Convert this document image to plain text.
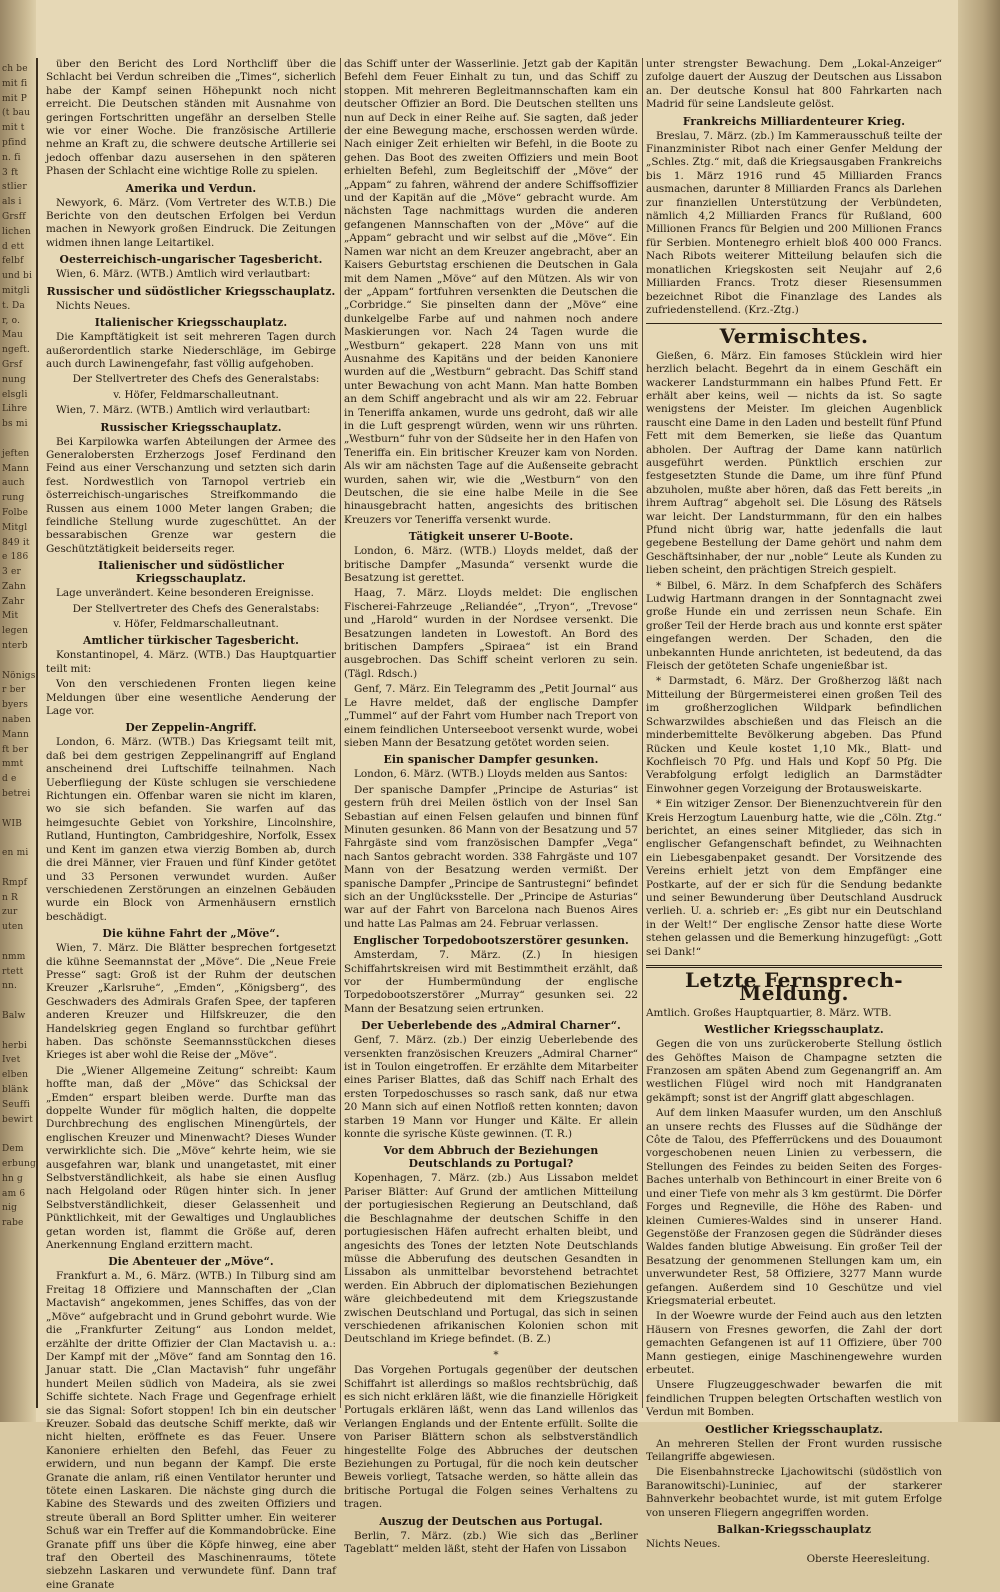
ch be
mit fi
mit P
(t bau
mit t
pfind
n. fi
3 ft
stlier
als i
Grsff
lichen
d ett
felbf
und bi
mitgli
t. Da
r, o.
Mau
ngeft.
Grsf
nung
elsgli
Lihre
bs mi

jeften
Mann
auch
rung
Folbe
Mitgl
849 it
e 186
3 er
Zahn
Zahr
Mit
legen
nterb

Nönigs
r ber
byers
naben
Mann
ft ber
mmt
d e
betrei

WIB

en mi

Rmpf
n R
zur
uten

nmm
rtett
nn.

Balw

herbi
Ivet
elben
blänk
Seuffi
bewirt

Dem
erbung
hn g
am 6
nig
rabe

über den Bericht des Lord Northcliff über die Schlacht bei Verdun schreiben die „Times“, sicherlich habe der Kampf seinen Höhepunkt noch nicht erreicht. Die Deutschen ständen mit Ausnahme von geringen Fortschritten ungefähr an derselben Stelle wie vor einer Woche. Die französische Artillerie nehme an Kraft zu, die schwere deutsche Artillerie sei jedoch offenbar dazu ausersehen in den späteren Phasen der Schlacht eine wichtige Rolle zu spielen.

Amerika und Verdun.

Newyork, 6. März. (Vom Vertreter des W.T.B.) Die Berichte von den deutschen Erfolgen bei Verdun machen in Newyork großen Eindruck. Die Zeitungen widmen ihnen lange Leitartikel.

Oesterreichisch-ungarischer Tagesbericht.

Wien, 6. März. (WTB.) Amtlich wird verlautbart:

Russischer und südöstlicher Kriegsschauplatz.

Nichts Neues.

Italienischer Kriegsschauplatz.

Die Kampftätigkeit ist seit mehreren Tagen durch außerordentlich starke Niederschläge, im Gebirge auch durch Lawinengefahr, fast völlig aufgehoben.

Der Stellvertreter des Chefs des Generalstabs:

v. Höfer, Feldmarschalleutnant.

Wien, 7. März. (WTB.) Amtlich wird verlautbart:

Russischer Kriegsschauplatz.

Bei Karpilowka warfen Abteilungen der Armee des Generalobersten Erzherzogs Josef Ferdinand den Feind aus einer Verschanzung und setzten sich darin fest. Nordwestlich von Tarnopol vertrieb ein österreichisch-ungarisches Streifkommando die Russen aus einem 1000 Meter langen Graben; die feindliche Stellung wurde zugeschüttet. An der bessarabischen Grenze war gestern die Geschütztätigkeit beiderseits reger.

Italienischer und südöstlicher Kriegsschauplatz.

Lage unverändert. Keine besonderen Ereignisse.

Der Stellvertreter des Chefs des Generalstabs:

v. Höfer, Feldmarschalleutnant.

Amtlicher türkischer Tagesbericht.

Konstantinopel, 4. März. (WTB.) Das Hauptquartier teilt mit:

Von den verschiedenen Fronten liegen keine Meldungen über eine wesentliche Aenderung der Lage vor.

Der Zeppelin-Angriff.

London, 6. März. (WTB.) Das Kriegsamt teilt mit, daß bei dem gestrigen Zeppelinangriff auf England anscheinend drei Luftschiffe teilnahmen. Nach Ueberfliegung der Küste schlugen sie verschiedene Richtungen ein. Offenbar waren sie nicht im klaren, wo sie sich befanden. Sie warfen auf das heimgesuchte Gebiet von Yorkshire, Lincolnshire, Rutland, Huntington, Cambridgeshire, Norfolk, Essex und Kent im ganzen etwa vierzig Bomben ab, durch die drei Männer, vier Frauen und fünf Kinder getötet und 33 Personen verwundet wurden. Außer verschiedenen Zerstörungen an einzelnen Gebäuden wurde ein Block von Armenhäusern ernstlich beschädigt.

Die kühne Fahrt der „Möve“.

Wien, 7. März. Die Blätter besprechen fortgesetzt die kühne Seemannstat der „Möve“. Die „Neue Freie Presse“ sagt: Groß ist der Ruhm der deutschen Kreuzer „Karlsruhe“, „Emden“, „Königsberg“, des Geschwaders des Admirals Grafen Spee, der tapferen anderen Kreuzer und Hilfskreuzer, die den Handelskrieg gegen England so furchtbar geführt haben. Das schönste Seemannsstückchen dieses Krieges ist aber wohl die Reise der „Möve“.

Die „Wiener Allgemeine Zeitung“ schreibt: Kaum hoffte man, daß der „Möve“ das Schicksal der „Emden“ erspart bleiben werde. Durfte man das doppelte Wunder für möglich halten, die doppelte Durchbrechung des englischen Minengürtels, der englischen Kreuzer und Minenwacht? Dieses Wunder verwirklichte sich. Die „Möve“ kehrte heim, wie sie ausgefahren war, blank und unangetastet, mit einer Selbstverständlichkeit, als habe sie einen Ausflug nach Helgoland oder Rügen hinter sich. In jener Selbstverständlichkeit, dieser Gelassenheit und Pünktlichkeit, mit der Gewaltiges und Unglaubliches getan worden ist, flammt die Größe auf, deren Anerkennung England erzittern macht.

Die Abenteuer der „Möve“.

Frankfurt a. M., 6. März. (WTB.) In Tilburg sind am Freitag 18 Offiziere und Mannschaften der „Clan Mactavish“ angekommen, jenes Schiffes, das von der „Möve“ aufgebracht und in Grund gebohrt wurde. Wie die „Frankfurter Zeitung“ aus London meldet, erzählte der dritte Offizier der Clan Mactavish u. a.: Der Kampf mit der „Möve“ fand am Sonntag den 16. Januar statt. Die „Clan Mactavish“ fuhr ungefähr hundert Meilen südlich von Madeira, als sie zwei Schiffe sichtete. Nach Frage und Gegenfrage erhielt sie das Signal: Sofort stoppen! Ich bin ein deutscher Kreuzer. Sobald das deutsche Schiff merkte, daß wir nicht hielten, eröffnete es das Feuer. Unsere Kanoniere erhielten den Befehl, das Feuer zu erwidern, und nun begann der Kampf. Die erste Granate die anlam, riß einen Ventilator herunter und tötete einen Laskaren. Die nächste ging durch die Kabine des Stewards und des zweiten Offiziers und streute überall an Bord Splitter umher. Ein weiterer Schuß war ein Treffer auf die Kommandobrücke. Eine Granate pfiff uns über die Köpfe hinweg, eine aber traf den Oberteil des Maschinenraums, tötete siebzehn Laskaren und verwundete fünf. Dann traf eine Granate

das Schiff unter der Wasserlinie. Jetzt gab der Kapitän Befehl dem Feuer Einhalt zu tun, und das Schiff zu stoppen. Mit mehreren Begleitmannschaften kam ein deutscher Offizier an Bord. Die Deutschen stellten uns nun auf Deck in einer Reihe auf. Sie sagten, daß jeder der eine Bewegung mache, erschossen werden würde. Nach einiger Zeit erhielten wir Befehl, in die Boote zu gehen. Das Boot des zweiten Offiziers und mein Boot erhielten Befehl, zum Begleitschiff der „Möve“ der „Appam“ zu fahren, während der andere Schiffsoffizier und der Kapitän auf die „Möve“ gebracht wurde. Am nächsten Tage nachmittags wurden die anderen gefangenen Mannschaften von der „Möve“ auf die „Appam“ gebracht und wir selbst auf die „Möve“. Ein Namen war nicht an dem Kreuzer angebracht, aber an Kaisers Geburtstag erschienen die Deutschen in Gala mit dem Namen „Möve“ auf den Mützen. Als wir von der „Appam“ fortfuhren versenkten die Deutschen die „Corbridge.“ Sie pinselten dann der „Möve“ eine dunkelgelbe Farbe auf und nahmen noch andere Maskierungen vor. Nach 24 Tagen wurde die „Westburn“ gekapert. 228 Mann von uns mit Ausnahme des Kapitäns und der beiden Kanoniere wurden auf die „Westburn“ gebracht. Das Schiff stand unter Bewachung von acht Mann. Man hatte Bomben an dem Schiff angebracht und als wir am 22. Februar in Teneriffa ankamen, wurde uns gedroht, daß wir alle in die Luft gesprengt würden, wenn wir uns rührten. „Westburn“ fuhr von der Südseite her in den Hafen von Teneriffa ein. Ein britischer Kreuzer kam von Norden. Als wir am nächsten Tage auf die Außenseite gebracht wurden, sahen wir, wie die „Westburn“ von den Deutschen, die sie eine halbe Meile in die See hinausgebracht hatten, angesichts des britischen Kreuzers vor Teneriffa versenkt wurde.

Tätigkeit unserer U-Boote.

London, 6. März. (WTB.) Lloyds meldet, daß der britische Dampfer „Masunda“ versenkt wurde die Besatzung ist gerettet.

Haag, 7. März. Lloyds meldet: Die englischen Fischerei-Fahrzeuge „Reliandée“, „Tryon“, „Trevose“ und „Harold“ wurden in der Nordsee versenkt. Die Besatzungen landeten in Lowestoft. An Bord des britischen Dampfers „Spiraea“ ist ein Brand ausgebrochen. Das Schiff scheint verloren zu sein. (Tägl. Rdsch.)

Genf, 7. März. Ein Telegramm des „Petit Journal“ aus Le Havre meldet, daß der englische Dampfer „Tummel“ auf der Fahrt vom Humber nach Treport von einem feindlichen Unterseeboot versenkt wurde, wobei sieben Mann der Besatzung getötet worden seien.

Ein spanischer Dampfer gesunken.

London, 6. März. (WTB.) Lloyds melden aus Santos:

Der spanische Dampfer „Principe de Asturias“ ist gestern früh drei Meilen östlich von der Insel San Sebastian auf einen Felsen gelaufen und binnen fünf Minuten gesunken. 86 Mann von der Besatzung und 57 Fahrgäste sind vom französischen Dampfer „Vega“ nach Santos gebracht worden. 338 Fahrgäste und 107 Mann von der Besatzung werden vermißt. Der spanische Dampfer „Principe de Santrustegni“ befindet sich an der Unglücksstelle. Der „Principe de Asturias“ war auf der Fahrt von Barcelona nach Buenos Aires und hatte Las Palmas am 24. Februar verlassen.

Englischer Torpedobootszerstörer gesunken.

Amsterdam, 7. März. (Z.) In hiesigen Schiffahrtskreisen wird mit Bestimmtheit erzählt, daß vor der Humbermündung der englische Torpedobootszerstörer „Murray“ gesunken sei. 22 Mann der Besatzung seien ertrunken.

Der Ueberlebende des „Admiral Charner“.

Genf, 7. März. (zb.) Der einzig Ueberlebende des versenkten französischen Kreuzers „Admiral Charner“ ist in Toulon eingetroffen. Er erzählte dem Mitarbeiter eines Pariser Blattes, daß das Schiff nach Erhalt des ersten Torpedoschusses so rasch sank, daß nur etwa 20 Mann sich auf einen Notfloß retten konnten; davon starben 19 Mann vor Hunger und Kälte. Er allein konnte die syrische Küste gewinnen. (T. R.)

Vor dem Abbruch der Beziehungen Deutschlands zu Portugal?

Kopenhagen, 7. März. (zb.) Aus Lissabon meldet Pariser Blätter: Auf Grund der amtlichen Mitteilung der portugiesischen Regierung an Deutschland, daß die Beschlagnahme der deutschen Schiffe in den portugiesischen Häfen aufrecht erhalten bleibt, und angesichts des Tones der letzten Note Deutschlands müsse die Abberufung des deutschen Gesandten in Lissabon als unmittelbar bevorstehend betrachtet werden. Ein Abbruch der diplomatischen Beziehungen wäre gleichbedeutend mit dem Kriegszustande zwischen Deutschland und Portugal, das sich in seinen verschiedenen afrikanischen Kolonien schon mit Deutschland im Kriege befindet. (B. Z.)

*

Das Vorgehen Portugals gegenüber der deutschen Schiffahrt ist allerdings so maßlos rechtsbrüchig, daß es sich nicht erklären läßt, wie die finanzielle Hörigkeit Portugals erklären läßt, wenn das Land willenlos das Verlangen Englands und der Entente erfüllt. Sollte die von Pariser Blättern schon als selbstverständlich hingestellte Folge des Abbruches der deutschen Beziehungen zu Portugal, für die noch kein deutscher Beweis vorliegt, Tatsache werden, so hätte allein das britische Portugal die Folgen seines Verhaltens zu tragen.

Auszug der Deutschen aus Portugal.

Berlin, 7. März. (zb.) Wie sich das „Berliner Tageblatt“ melden läßt, steht der Hafen von Lissabon

unter strengster Bewachung. Dem „Lokal-Anzeiger“ zufolge dauert der Auszug der Deutschen aus Lissabon an. Der deutsche Konsul hat 800 Fahrkarten nach Madrid für seine Landsleute gelöst.

Frankreichs Milliardenteurer Krieg.

Breslau, 7. März. (zb.) Im Kammerausschuß teilte der Finanzminister Ribot nach einer Genfer Meldung der „Schles. Ztg.“ mit, daß die Kriegsausgaben Frankreichs bis 1. März 1916 rund 45 Milliarden Francs ausmachen, darunter 8 Milliarden Francs als Darlehen zur finanziellen Unterstützung der Verbündeten, nämlich 4,2 Milliarden Francs für Rußland, 600 Millionen Francs für Belgien und 200 Millionen Francs für Serbien. Montenegro erhielt bloß 400 000 Francs. Nach Ribots weiterer Mitteilung belaufen sich die monatlichen Kriegskosten seit Neujahr auf 2,6 Milliarden Francs. Trotz dieser Riesensummen bezeichnet Ribot die Finanzlage des Landes als zufriedenstellend. (Krz.-Ztg.)

Vermischtes.

Gießen, 6. März. Ein famoses Stücklein wird hier herzlich belacht. Begehrt da in einem Geschäft ein wackerer Landsturmmann ein halbes Pfund Fett. Er erhält aber keins, weil — nichts da ist. So sagte wenigstens der Meister. Im gleichen Augenblick rauscht eine Dame in den Laden und bestellt fünf Pfund Fett mit dem Bemerken, sie ließe das Quantum abholen. Der Auftrag der Dame kann natürlich ausgeführt werden. Pünktlich erschien zur festgesetzten Stunde die Dame, um ihre fünf Pfund abzuholen, mußte aber hören, daß das Fett bereits „in ihrem Auftrag“ abgeholt sei. Die Lösung des Rätsels war leicht. Der Landsturmmann, für den ein halbes Pfund nicht übrig war, hatte jedenfalls die laut gegebene Bestellung der Dame gehört und nahm dem Geschäftsinhaber, der nur „noble“ Leute als Kunden zu lieben scheint, den prächtigen Streich gespielt.

* Bilbel, 6. März. In dem Schafpferch des Schäfers Ludwig Hartmann drangen in der Sonntagnacht zwei große Hunde ein und zerrissen neun Schafe. Ein großer Teil der Herde brach aus und konnte erst später eingefangen werden. Der Schaden, den die unbekannten Hunde anrichteten, ist bedeutend, da das Fleisch der getöteten Schafe ungenießbar ist.

* Darmstadt, 6. März. Der Großherzog läßt nach Mitteilung der Bürgermeisterei einen großen Teil des im großherzoglichen Wildpark befindlichen Schwarzwildes abschießen und das Fleisch an die minderbemittelte Bevölkerung abgeben. Das Pfund Rücken und Keule kostet 1,10 Mk., Blatt- und Kochfleisch 70 Pfg. und Hals und Kopf 50 Pfg. Die Verabfolgung erfolgt lediglich an Darmstädter Einwohner gegen Vorzeigung der Brotausweiskarte.

* Ein witziger Zensor. Der Bienenzuchtverein für den Kreis Herzogtum Lauenburg hatte, wie die „Cöln. Ztg.“ berichtet, an eines seiner Mitglieder, das sich in englischer Gefangenschaft befindet, zu Weihnachten ein Liebesgabenpaket gesandt. Der Vorsitzende des Vereins erhielt jetzt von dem Empfänger eine Postkarte, auf der er sich für die Sendung bedankte und seiner Bewunderung über Deutschland Ausdruck verlieh. U. a. schrieb er: „Es gibt nur ein Deutschland in der Welt!“ Der englische Zensor hatte diese Worte stehen gelassen und die Bemerkung hinzugefügt: „Gott sei Dank!“

Letzte Fernsprech-Meldung.

Amtlich. Großes Hauptquartier, 8. März. WTB.

Westlicher Kriegsschauplatz.

Gegen die von uns zurückeroberte Stellung östlich des Gehöftes Maison de Champagne setzten die Franzosen am späten Abend zum Gegenangriff an. Am westlichen Flügel wird noch mit Handgranaten gekämpft; sonst ist der Angriff glatt abgeschlagen.

Auf dem linken Maasufer wurden, um den Anschluß an unsere rechts des Flusses auf die Südhänge der Côte de Talou, des Pfefferrückens und des Douaumont vorgeschobenen neuen Linien zu verbessern, die Stellungen des Feindes zu beiden Seiten des Forges-Baches unterhalb von Bethincourt in einer Breite von 6 und einer Tiefe von mehr als 3 km gestürmt. Die Dörfer Forges und Regneville, die Höhe des Raben- und kleinen Cumieres-Waldes sind in unserer Hand. Gegenstöße der Franzosen gegen die Südränder dieses Waldes fanden blutige Abweisung. Ein großer Teil der Besatzung der genommenen Stellungen kam um, ein unverwundeter Rest, 58 Offiziere, 3277 Mann wurde gefangen. Außerdem sind 10 Geschütze und viel Kriegsmaterial erbeutet.

In der Woewre wurde der Feind auch aus den letzten Häusern von Fresnes geworfen, die Zahl der dort gemachten Gefangenen ist auf 11 Offiziere, über 700 Mann gestiegen, einige Maschinengewehre wurden erbeutet.

Unsere Flugzeuggeschwader bewarfen die mit feindlichen Truppen belegten Ortschaften westlich von Verdun mit Bomben.

Oestlicher Kriegsschauplatz.

An mehreren Stellen der Front wurden russische Teilangriffe abgewiesen.

Die Eisenbahnstrecke Ljachowitschi (südöstlich von Baranowitschi)-Luniniec, auf der starkerer Bahnverkehr beobachtet wurde, ist mit gutem Erfolge von unseren Fliegern angegriffen worden.

Balkan-Kriegsschauplatz

Nichts Neues.

Oberste Heeresleitung.
